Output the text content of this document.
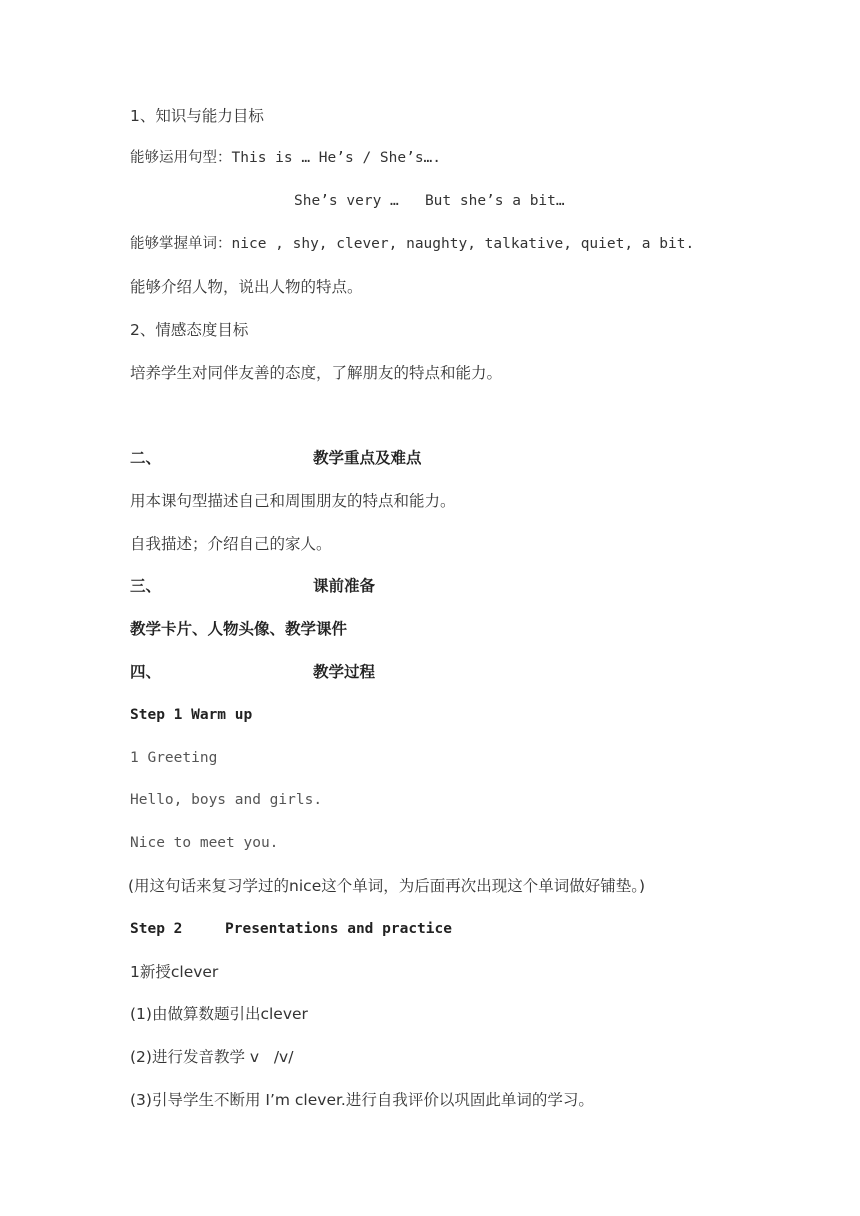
1、知识与能力目标
能够运用句型：This is … He’s / She’s….
She’s very …   But she’s a bit…
能够掌握单词：nice , shy, clever, naughty, talkative, quiet, a bit.
能够介绍人物，说出人物的特点。
2、情感态度目标
培养学生对同伴友善的态度，了解朋友的特点和能力。
二、	教学重点及难点
用本课句型描述自己和周围朋友的特点和能力。
自我描述；介绍自己的家人。
三、	课前准备
教学卡片、人物头像、教学课件
四、	教学过程
Step 1 Warm up
1 Greeting
Hello, boys and girls.
Nice to meet you.
(用这句话来复习学过的nice这个单词，为后面再次出现这个单词做好铺垫。)
Step 2	Presentations and practice
1新授clever
(1)由做算数题引出clever
(2)进行发音教学 v   /v/
(3)引导学生不断用 I’m clever.进行自我评价以巩固此单词的学习。
